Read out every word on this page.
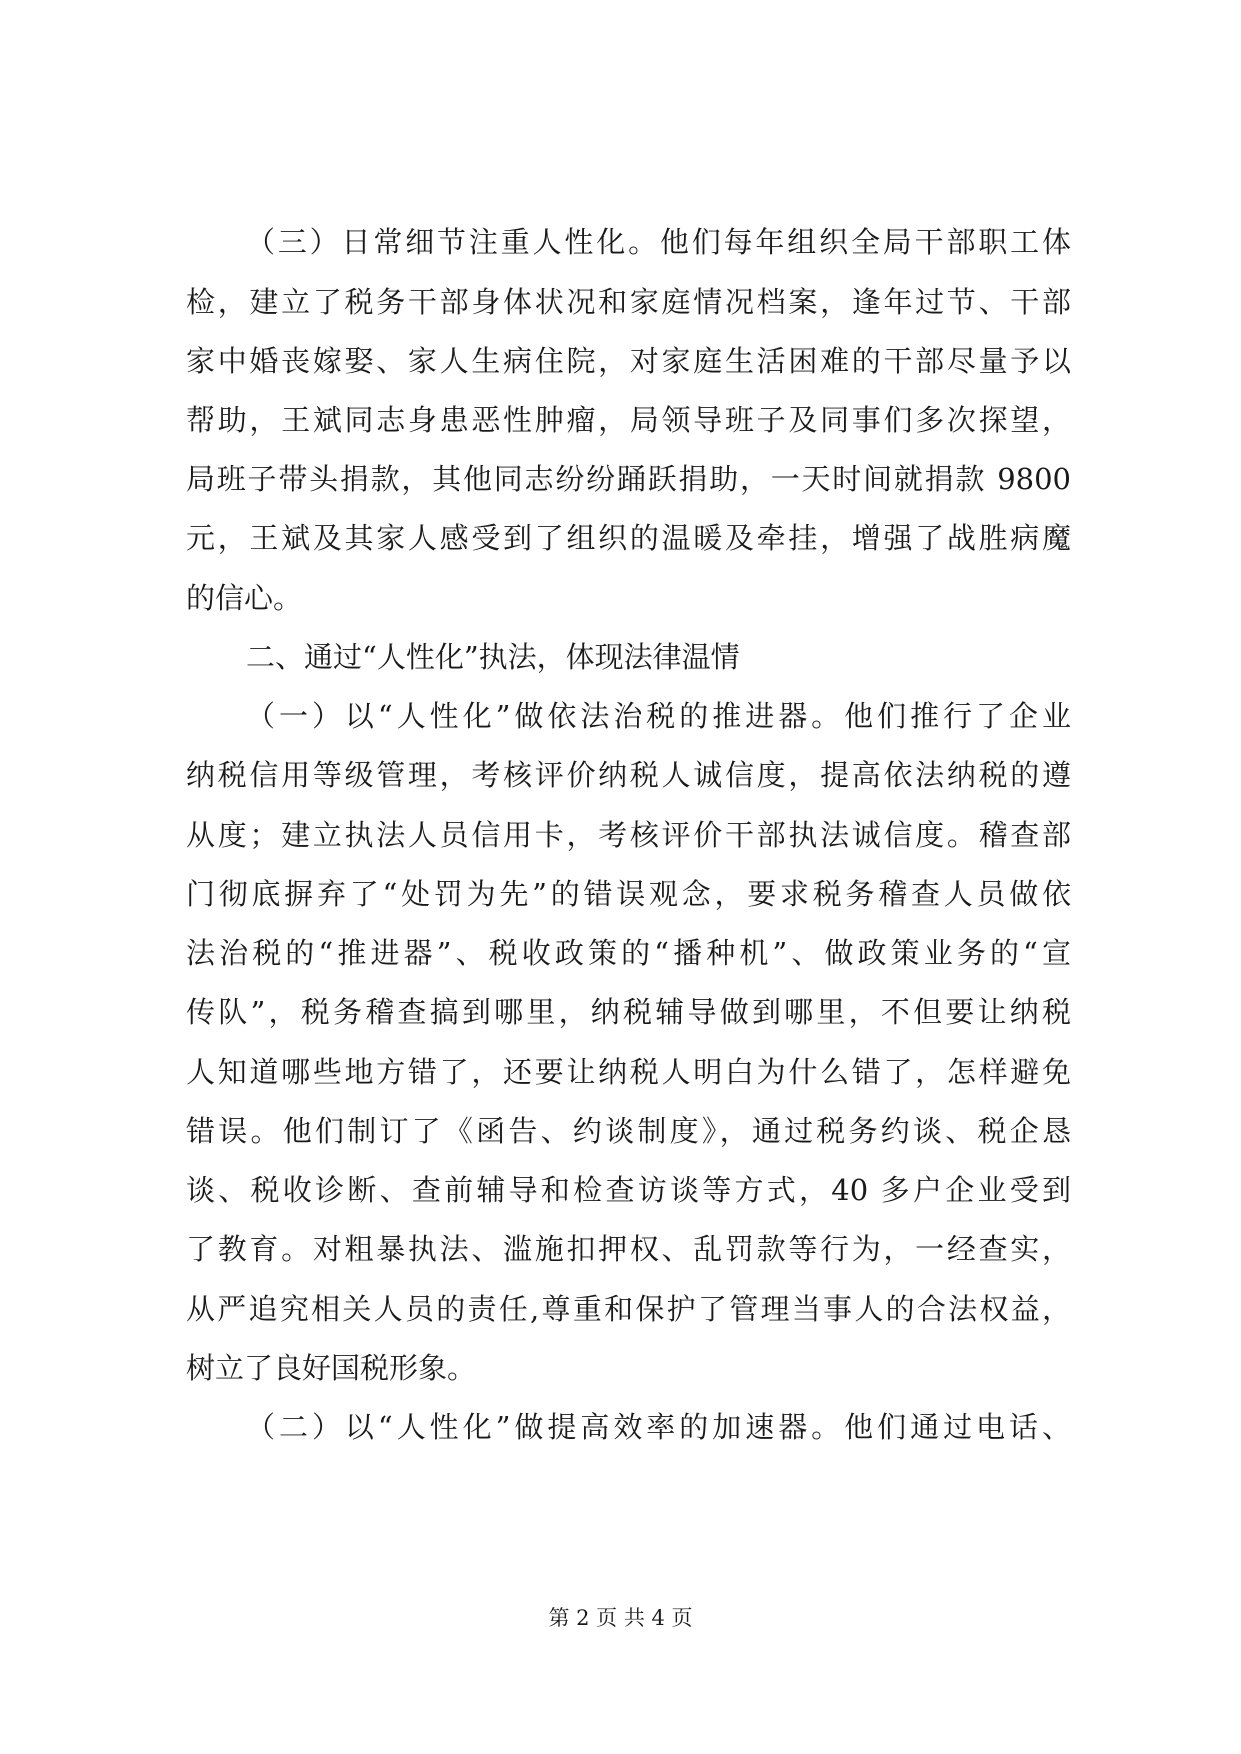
（三）日常细节注重人性化。他们每年组织全局干部职工体
检，建立了税务干部身体状况和家庭情况档案，逢年过节、干部
家中婚丧嫁娶、家人生病住院，对家庭生活困难的干部尽量予以
帮助，王斌同志身患恶性肿瘤，局领导班子及同事们多次探望，
局班子带头捐款，其他同志纷纷踊跃捐助，一天时间就捐款 9800
元，王斌及其家人感受到了组织的温暖及牵挂，增强了战胜病魔
的信心。
二、通过“人性化”执法，体现法律温情
（一）以“人性化”做依法治税的推进器。他们推行了企业
纳税信用等级管理，考核评价纳税人诚信度，提高依法纳税的遵
从度；建立执法人员信用卡，考核评价干部执法诚信度。稽查部
门彻底摒弃了“处罚为先”的错误观念，要求税务稽查人员做依
法治税的“推进器”、税收政策的“播种机”、做政策业务的“宣
传队”，税务稽查搞到哪里，纳税辅导做到哪里，不但要让纳税
人知道哪些地方错了，还要让纳税人明白为什么错了，怎样避免
错误。他们制订了《函告、约谈制度》，通过税务约谈、税企恳
谈、税收诊断、查前辅导和检查访谈等方式，40 多户企业受到
了教育。对粗暴执法、滥施扣押权、乱罚款等行为，一经查实，
从严追究相关人员的责任,尊重和保护了管理当事人的合法权益，
树立了良好国税形象。
（二）以“人性化”做提高效率的加速器。他们通过电话、
第 2 页 共 4 页
